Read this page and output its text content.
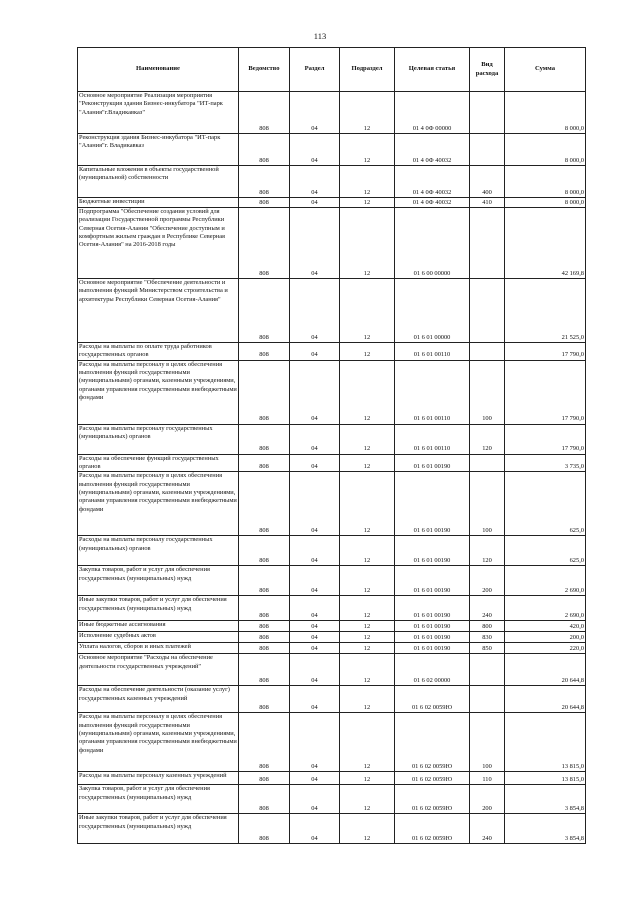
113
Наименование	Ведомство	Раздел	Подраздел	Целевая статья	Вид расхода	Сумма
Основное мероприятие Реализация мероприятия "Реконструкция здания Бизнес-инкубатора "ИТ-парк "Алания"г.Владикавказ"	808	04	12	01 4 0Ф 00000		8 000,0
Реконструкция здания Бизнес-инкубатора "ИТ-парк "Алания"г. Владикавказ	808	04	12	01 4 0Ф 40032		8 000,0
Капитальные вложения в объекты государственной (муниципальной) собственности	808	04	12	01 4 0Ф 40032	400	8 000,0
Бюджетные инвестиции	808	04	12	01 4 0Ф 40032	410	8 000,0
Подпрограмма "Обеспечение создания условий для реализации Государственной программы Республики Северная Осетия-Алания "Обеспечение доступным и комфортным жильем граждан в Республике Северная Осетия-Алания" на 2016-2018 годы	808	04	12	01 6 00 00000		42 169,8
Основное мероприятие "Обеспечение деятельности и выполнения функций Министерством строительства и архитектуры Республики Северная Осетия-Алания"	808	04	12	01 6 01 00000		21 525,0
Расходы на выплаты по оплате труда работников государственных органов	808	04	12	01 6 01 00110		17 790,0
Расходы на выплаты персоналу в целях обеспечения выполнения функций государственными (муниципальными) органами, казенными учреждениями, органами управления государственными внебюджетными фондами	808	04	12	01 6 01 00110	100	17 790,0
Расходы на выплаты персоналу государственных (муниципальных) органов	808	04	12	01 6 01 00110	120	17 790,0
Расходы на обеспечение функций государственных органов	808	04	12	01 6 01 00190		3 735,0
Расходы на выплаты персоналу в целях обеспечения выполнения функций государственными (муниципальными) органами, казенными учреждениями, органами управления государственными внебюджетными фондами	808	04	12	01 6 01 00190	100	625,0
Расходы на выплаты персоналу государственных (муниципальных) органов	808	04	12	01 6 01 00190	120	625,0
Закупка товаров, работ и услуг для обеспечения государственных (муниципальных) нужд	808	04	12	01 6 01 00190	200	2 690,0
Иные закупки товаров, работ и услуг для обеспечения государственных (муниципальных) нужд	808	04	12	01 6 01 00190	240	2 690,0
Иные бюджетные ассигнования	808	04	12	01 6 01 00190	800	420,0
Исполнение судебных актов	808	04	12	01 6 01 00190	830	200,0
Уплата налогов, сборов и иных платежей	808	04	12	01 6 01 00190	850	220,0
Основное мероприятие "Расходы на обеспечение деятельности государственных учреждений"	808	04	12	01 6 02 00000		20 644,8
Расходы на обеспечение деятельности (оказание услуг) государственных казенных учреждений	808	04	12	01 6 02 0059Ю		20 644,8
Расходы на выплаты персоналу в целях обеспечения выполнения функций государственными (муниципальными) органами, казенными учреждениями, органами управления государственными внебюджетными фондами	808	04	12	01 6 02 0059Ю	100	13 815,0
Расходы на выплаты персоналу казенных учреждений	808	04	12	01 6 02 0059Ю	110	13 815,0
Закупка товаров, работ и услуг для обеспечения государственных (муниципальных) нужд	808	04	12	01 6 02 0059Ю	200	3 854,8
Иные закупки товаров, работ и услуг для обеспечения государственных (муниципальных) нужд	808	04	12	01 6 02 0059Ю	240	3 854,8
